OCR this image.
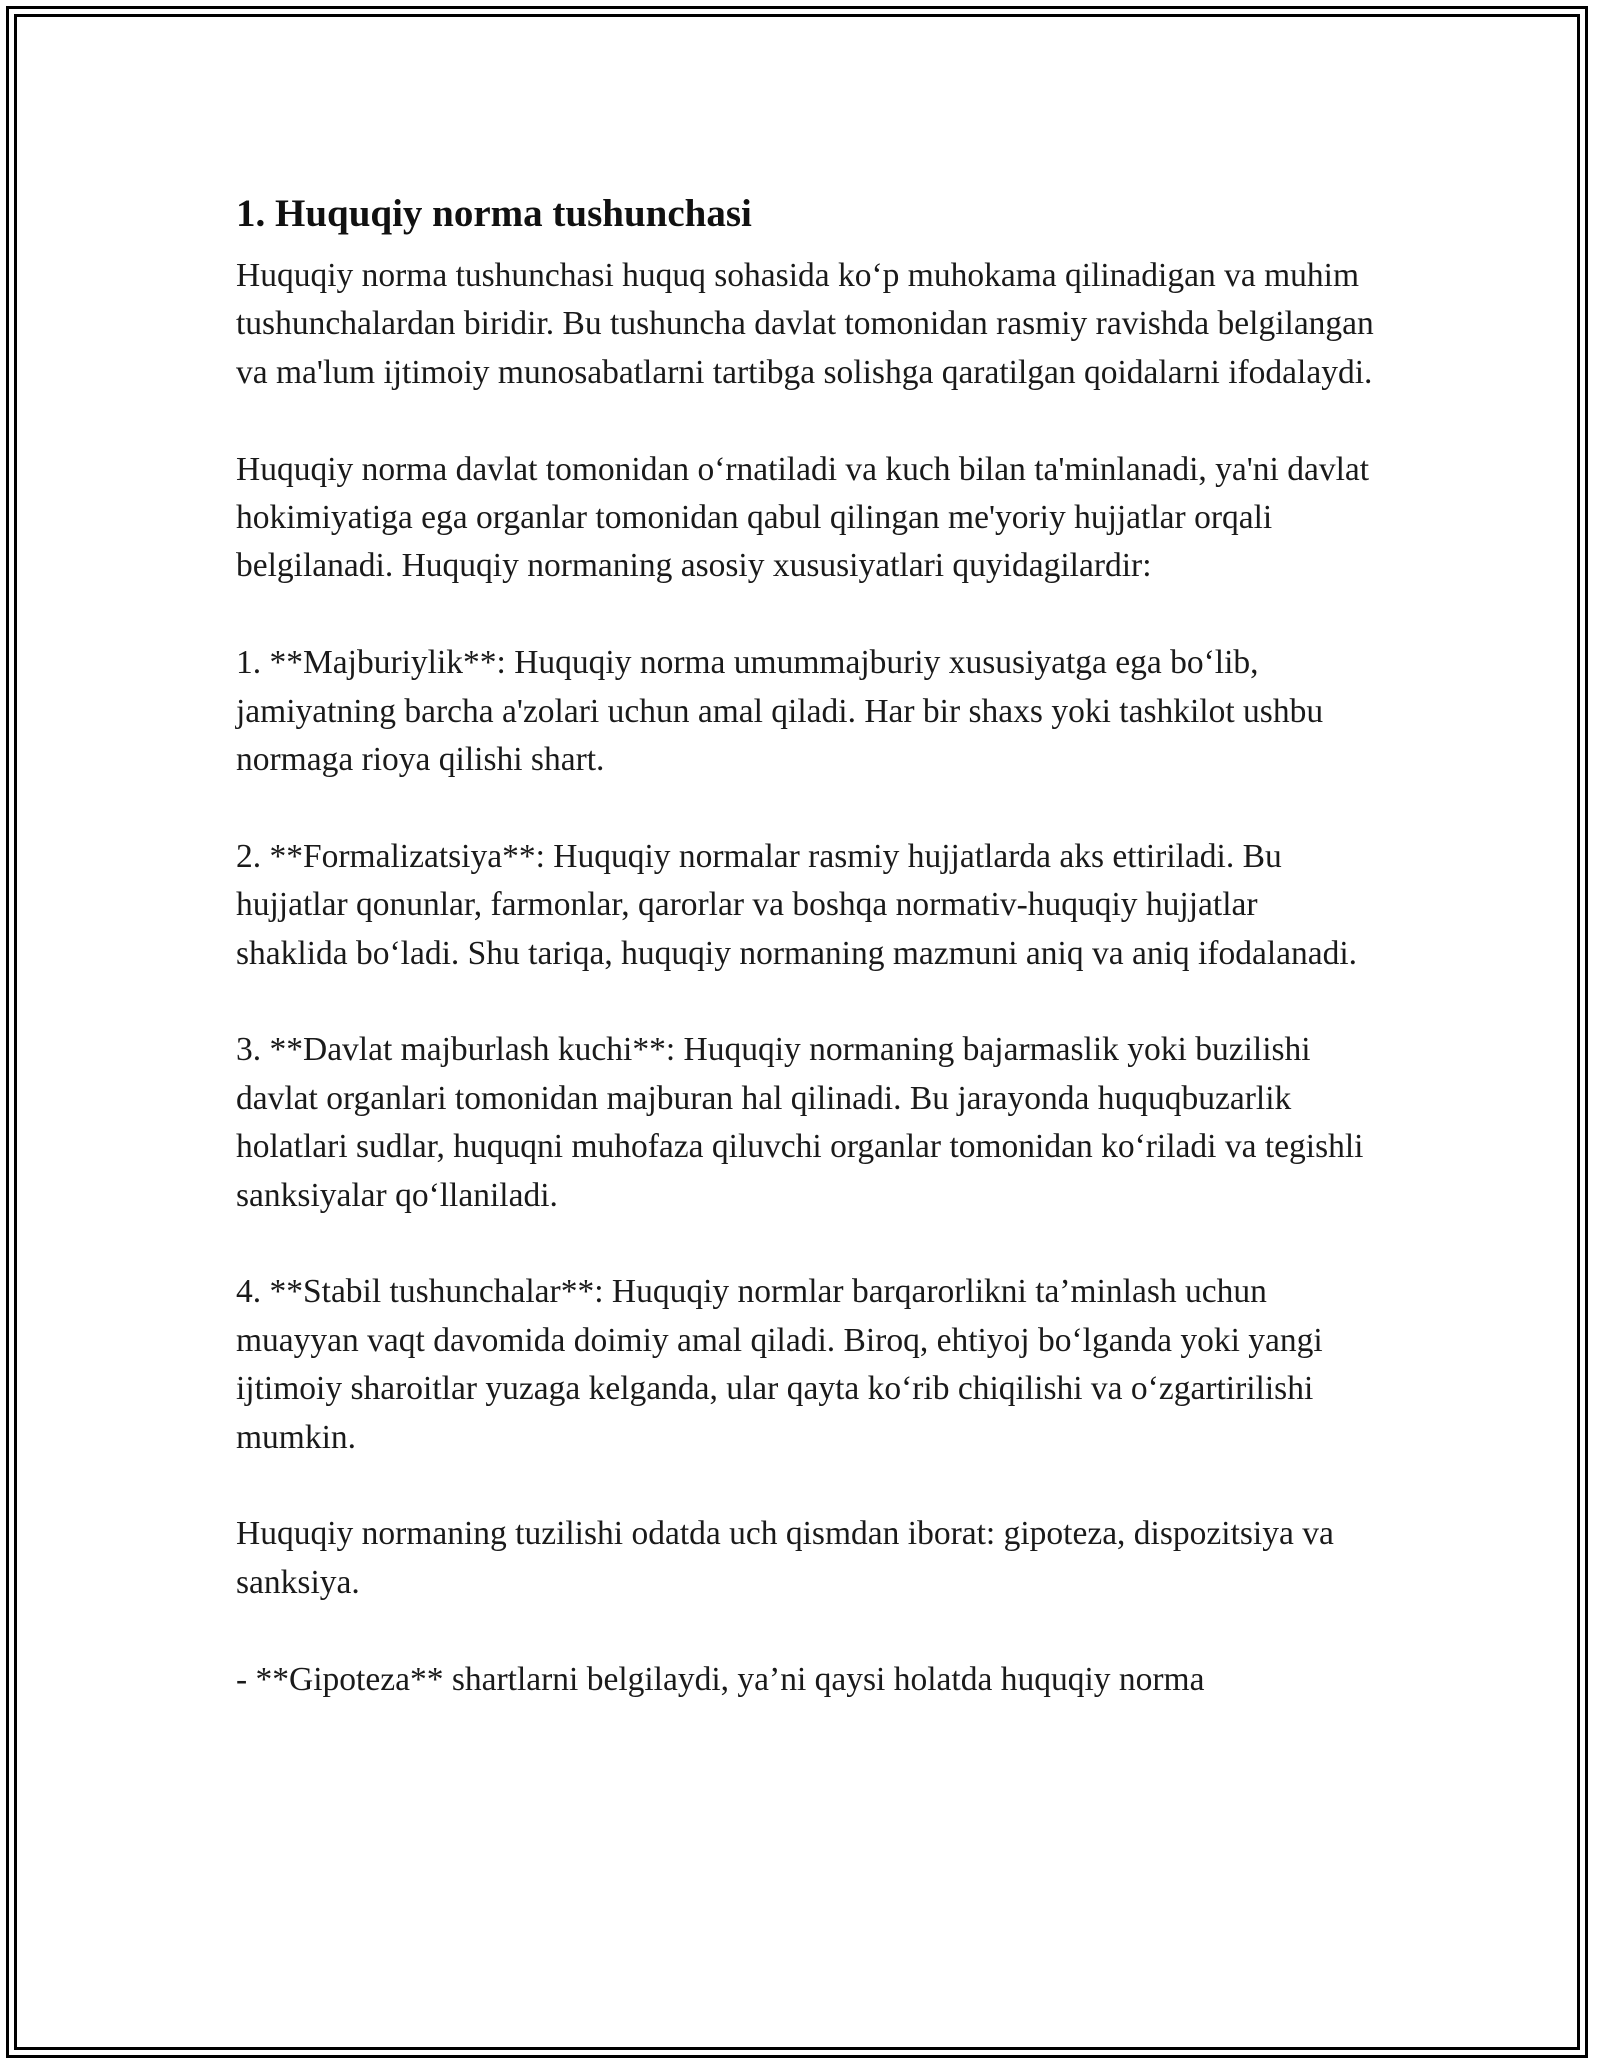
1. Huquqiy norma tushunchasi

Huquqiy norma tushunchasi huquq sohasida ko‘p muhokama qilinadigan va muhim tushunchalardan biridir. Bu tushuncha davlat tomonidan rasmiy ravishda belgilangan va ma'lum ijtimoiy munosabatlarni tartibga solishga qaratilgan qoidalarni ifodalaydi.

Huquqiy norma davlat tomonidan o‘rnatiladi va kuch bilan ta'minlanadi, ya'ni davlat hokimiyatiga ega organlar tomonidan qabul qilingan me'yoriy hujjatlar orqali belgilanadi. Huquqiy normaning asosiy xususiyatlari quyidagilardir:

1. **Majburiylik**: Huquqiy norma umummajburiy xususiyatga ega bo‘lib, jamiyatning barcha a'zolari uchun amal qiladi. Har bir shaxs yoki tashkilot ushbu normaga rioya qilishi shart.

2. **Formalizatsiya**: Huquqiy normalar rasmiy hujjatlarda aks ettiriladi. Bu hujjatlar qonunlar, farmonlar, qarorlar va boshqa normativ-huquqiy hujjatlar shaklida bo‘ladi. Shu tariqa, huquqiy normaning mazmuni aniq va aniq ifodalanadi.

3. **Davlat majburlash kuchi**: Huquqiy normaning bajarmaslik yoki buzilishi davlat organlari tomonidan majburan hal qilinadi. Bu jarayonda huquqbuzarlik holatlari sudlar, huquqni muhofaza qiluvchi organlar tomonidan ko‘riladi va tegishli sanksiyalar qo‘llaniladi.

4. **Stabil tushunchalar**: Huquqiy normlar barqarorlikni ta’minlash uchun muayyan vaqt davomida doimiy amal qiladi. Biroq, ehtiyoj bo‘lganda yoki yangi ijtimoiy sharoitlar yuzaga kelganda, ular qayta ko‘rib chiqilishi va o‘zgartirilishi mumkin.

Huquqiy normaning tuzilishi odatda uch qismdan iborat: gipoteza, dispozitsiya va sanksiya.

- **Gipoteza** shartlarni belgilaydi, ya’ni qaysi holatda huquqiy norma
